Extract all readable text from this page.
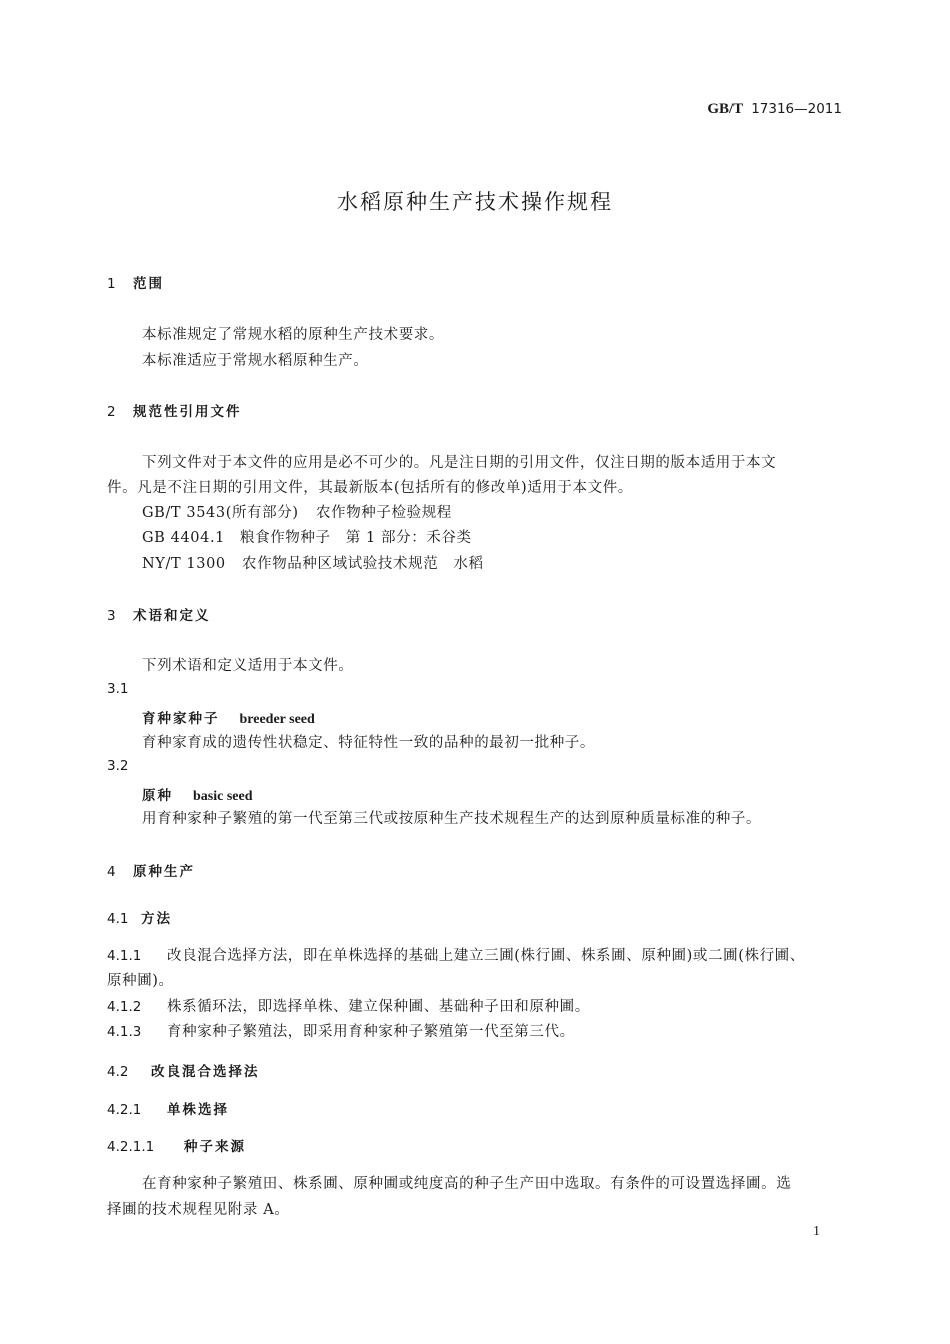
GB/T 17316—2011
水稻原种生产技术操作规程
1 范围
本标准规定了常规水稻的原种生产技术要求。
本标准适应于常规水稻原种生产。
2 规范性引用文件
下列文件对于本文件的应用是必不可少的。凡是注日期的引用文件，仅注日期的版本适用于本文
件。凡是不注日期的引用文件，其最新版本(包括所有的修改单)适用于本文件。
GB/T 3543(所有部分) 农作物种子检验规程
GB 4404.1 粮食作物种子　第 1 部分：禾谷类
NY/T 1300 农作物品种区域试验技术规范　水稻
3 术语和定义
下列术语和定义适用于本文件。
3.1
育种家种子 breeder seed
育种家育成的遗传性状稳定、特征特性一致的品种的最初一批种子。
3.2
原种 basic seed
用育种家种子繁殖的第一代至第三代或按原种生产技术规程生产的达到原种质量标准的种子。
4 原种生产
4.1 方法
4.1.1 改良混合选择方法，即在单株选择的基础上建立三圃(株行圃、株系圃、原种圃)或二圃(株行圃、
原种圃)。
4.1.2 株系循环法，即选择单株、建立保种圃、基础种子田和原种圃。
4.1.3 育种家种子繁殖法，即采用育种家种子繁殖第一代至第三代。
4.2 改良混合选择法
4.2.1 单株选择
4.2.1.1 种子来源
在育种家种子繁殖田、株系圃、原种圃或纯度高的种子生产田中选取。有条件的可设置选择圃。选
择圃的技术规程见附录 A。
1
